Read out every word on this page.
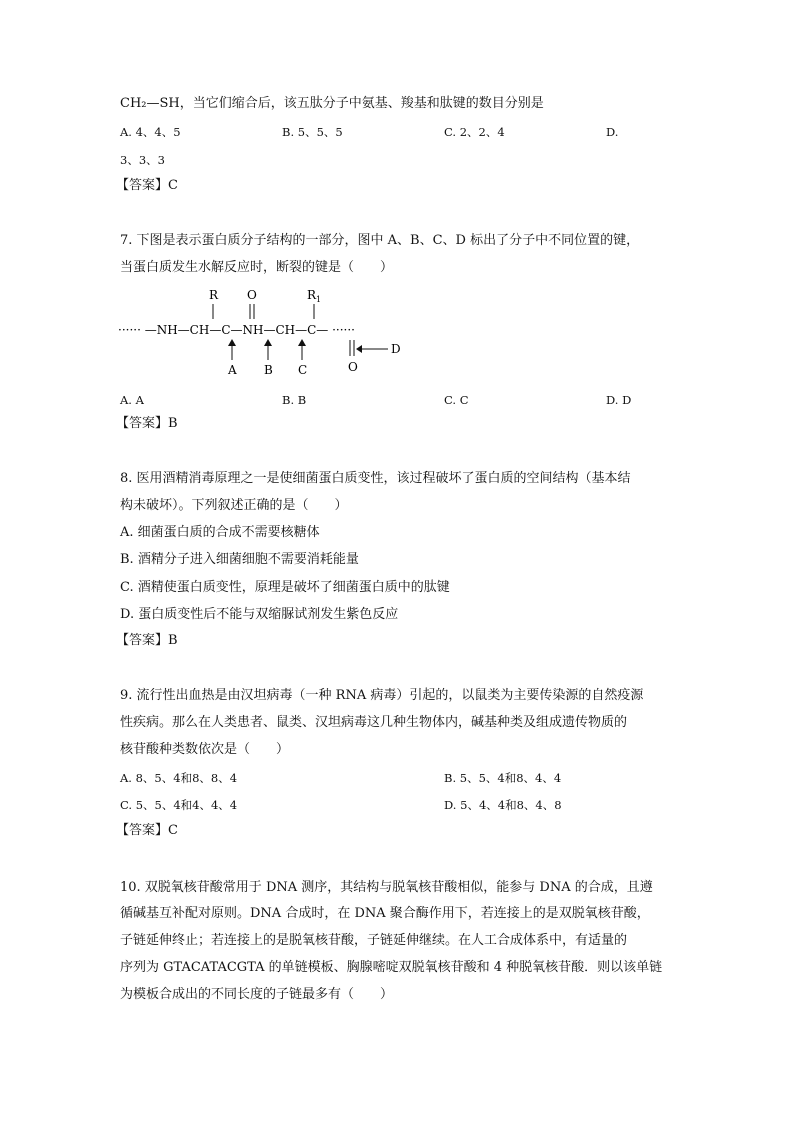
CH₂—SH，当它们缩合后，该五肽分子中氨基、羧基和肽键的数目分别是
A. 4、4、5	B. 5、5、5	C. 2、2、4	D.
3、3、3
【答案】C
7. 下图是表示蛋白质分子结构的一部分，图中 A、B、C、D 标出了分子中不同位置的键，
当蛋白质发生水解反应时，断裂的键是（　　）
R O	$R_1$
······ —NH—CH—C—NH—CH—C— ······
O
A B C
D
A. A	B. B	C. C	D. D
【答案】B
8. 医用酒精消毒原理之一是使细菌蛋白质变性，该过程破坏了蛋白质的空间结构（基本结
构未破坏）。下列叙述正确的是（　　）
A. 细菌蛋白质的合成不需要核糖体
B. 酒精分子进入细菌细胞不需要消耗能量
C. 酒精使蛋白质变性，原理是破坏了细菌蛋白质中的肽键
D. 蛋白质变性后不能与双缩脲试剂发生紫色反应
【答案】B
9. 流行性出血热是由汉坦病毒（一种 RNA 病毒）引起的，以鼠类为主要传染源的自然疫源
性疾病。那么在人类患者、鼠类、汉坦病毒这几种生物体内，碱基种类及组成遗传物质的
核苷酸种类数依次是（　　）
A. 8、5、4和8、8、4	B. 5、5、4和8、4、4
C. 5、5、4和4、4、4	D. 5、4、4和8、4、8
【答案】C
10. 双脱氧核苷酸常用于 DNA 测序，其结构与脱氧核苷酸相似，能参与 DNA 的合成，且遵
循碱基互补配对原则。DNA 合成时，在 DNA 聚合酶作用下，若连接上的是双脱氧核苷酸，
子链延伸终止；若连接上的是脱氧核苷酸，子链延伸继续。在人工合成体系中，有适量的
序列为 GTACATACGTA 的单链模板、胸腺嘧啶双脱氧核苷酸和 4 种脱氧核苷酸．则以该单链
为模板合成出的不同长度的子链最多有（　　）
